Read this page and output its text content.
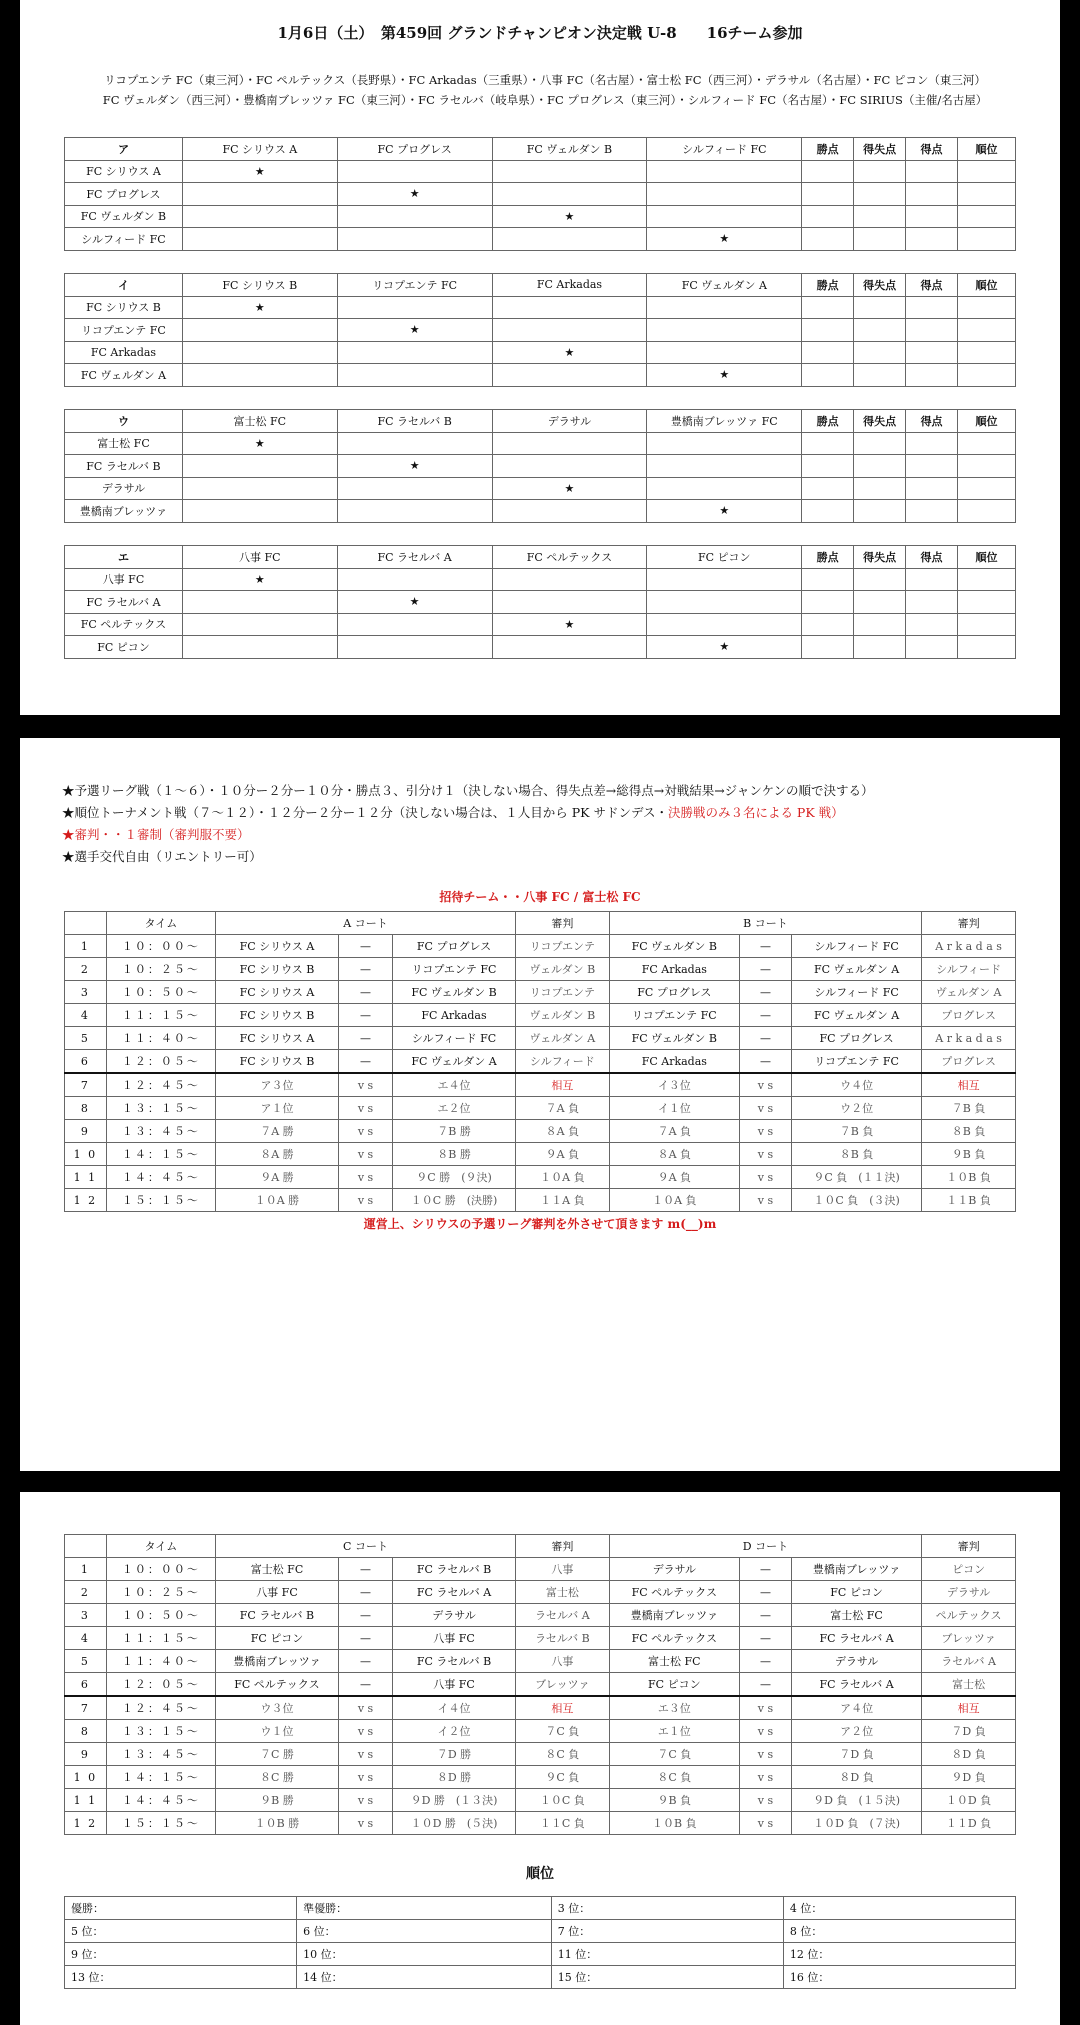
1月6日（土）　第459回 グランドチャンピオン決定戦 U-8　　16チーム参加
リコプエンテ FC（東三河）・FC ペルテックス（長野県）・FC Arkadas（三重県）・八事 FC（名古屋）・富士松 FC（西三河）・デラサル（名古屋）・FC ピコン（東三河）
FC ヴェルダン（西三河）・豊橋南ブレッツァ FC（東三河）・FC ラセルバ（岐阜県）・FC プログレス（東三河）・シルフィード FC（名古屋）・FC SIRIUS（主催/名古屋）
ア	FC シリウス A	FC プログレス	FC ヴェルダン B	シルフィード FC	勝点	得失点	得点	順位
FC シリウス A	★							
FC プログレス		★						
FC ヴェルダン B			★					
シルフィード FC				★				
イ	FC シリウス B	リコプエンテ FC	FC Arkadas	FC ヴェルダン A	勝点	得失点	得点	順位
FC シリウス B	★							
リコプエンテ FC		★						
FC Arkadas			★					
FC ヴェルダン A				★				
ウ	富士松 FC	FC ラセルバ B	デラサル	豊橋南ブレッツァ FC	勝点	得失点	得点	順位
富士松 FC	★							
FC ラセルバ B		★						
デラサル			★					
豊橋南ブレッツァ				★				
エ	八事 FC	FC ラセルバ A	FC ペルテックス	FC ピコン	勝点	得失点	得点	順位
八事 FC	★							
FC ラセルバ A		★						
FC ペルテックス			★					
FC ピコン				★				
★予選リーグ戦（１〜６）・１０分ー２分ー１０分・勝点３、引分け１（決しない場合、得失点差→総得点→対戦結果→ジャンケンの順で決する）
★順位トーナメント戦（７〜１２）・１２分ー２分ー１２分（決しない場合は、１人目から PK サドンデス・決勝戦のみ３名による PK 戦）
★審判・・１審制（審判服不要）
★選手交代自由（リエントリー可）
招待チーム・・八事 FC / 富士松 FC
	タイム	A コート			審判	B コート			審判
1	１０：００〜	FC シリウス A	—	FC プログレス	リコプエンテ	FC ヴェルダン B	—	シルフィード FC	A r k a d a s
2	１０：２５〜	FC シリウス B	—	リコプエンテ FC	ヴェルダン B	FC Arkadas	—	FC ヴェルダン A	シルフィード
3	１０：５０〜	FC シリウス A	—	FC ヴェルダン B	リコプエンテ	FC プログレス	—	シルフィード FC	ヴェルダン A
4	１１：１５〜	FC シリウス B	—	FC Arkadas	ヴェルダン B	リコプエンテ FC	—	FC ヴェルダン A	プログレス
5	１１：４０〜	FC シリウス A	—	シルフィード FC	ヴェルダン A	FC ヴェルダン B	—	FC プログレス	A r k a d a s
6	１２：０５〜	FC シリウス B	—	FC ヴェルダン A	シルフィード	FC Arkadas	—	リコプエンテ FC	プログレス
7	１２：４５〜	ア３位	v s	エ４位	相互	イ３位	v s	ウ４位	相互
8	１３：１５〜	ア１位	v s	エ２位	７A 負	イ１位	v s	ウ２位	７B 負
9	１３：４５〜	７A 勝	v s	７B 勝	８A 負	７A 負	v s	７B 負	８B 負
1 0	１４：１５〜	８A 勝	v s	８B 勝	９A 負	８A 負	v s	８B 負	９B 負
1 1	１４：４５〜	９A 勝	v s	９C 勝　(９決)	１０A 負	９A 負	v s	９C 負　(１１決)	１０B 負
1 2	１５：１５〜	１０A 勝	v s	１０C 勝　(決勝)	１１A 負	１０A 負	v s	１０C 負　(３決)	１１B 負
運営上、シリウスの予選リーグ審判を外させて頂きます m(__)m
	タイム	C コート			審判	D コート			審判
1	１０：００〜	富士松 FC	—	FC ラセルバ B	八事	デラサル	—	豊橋南ブレッツァ	ピコン
2	１０：２５〜	八事 FC	—	FC ラセルバ A	富士松	FC ペルテックス	—	FC ピコン	デラサル
3	１０：５０〜	FC ラセルバ B	—	デラサル	ラセルバ A	豊橋南ブレッツァ	—	富士松 FC	ペルテックス
4	１１：１５〜	FC ピコン	—	八事 FC	ラセルバ B	FC ペルテックス	—	FC ラセルバ A	ブレッツァ
5	１１：４０〜	豊橋南ブレッツァ	—	FC ラセルバ B	八事	富士松 FC	—	デラサル	ラセルバ A
6	１２：０５〜	FC ペルテックス	—	八事 FC	ブレッツァ	FC ピコン	—	FC ラセルバ A	富士松
7	１２：４５〜	ウ３位	v s	イ４位	相互	エ３位	v s	ア４位	相互
8	１３：１５〜	ウ１位	v s	イ２位	７C 負	エ１位	v s	ア２位	７D 負
9	１３：４５〜	７C 勝	v s	７D 勝	８C 負	７C 負	v s	７D 負	８D 負
1 0	１４：１５〜	８C 勝	v s	８D 勝	９C 負	８C 負	v s	８D 負	９D 負
1 1	１４：４５〜	９B 勝	v s	９D 勝　(１３決)	１０C 負	９B 負	v s	９D 負　(１５決)	１０D 負
1 2	１５：１５〜	１０B 勝	v s	１０D 勝　(５決)	１１C 負	１０B 負	v s	１０D 負　(７決)	１１D 負
順位
優勝：	準優勝：	3 位：	4 位：
5 位：	6 位：	7 位：	8 位：
9 位：	10 位：	11 位：	12 位：
13 位：	14 位：	15 位：	16 位：
